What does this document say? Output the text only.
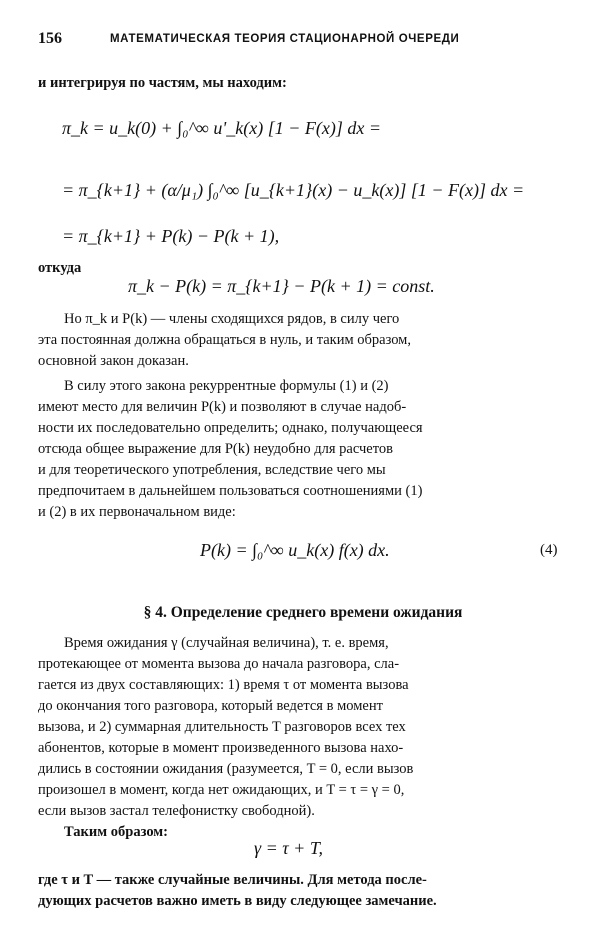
156	МАТЕМАТИЧЕСКАЯ ТЕОРИЯ СТАЦИОНАРНОЙ ОЧЕРЕДИ
и интегрируя по частям, мы находим:
π_k = u_k(0) + ∫₀^∞ u'_k(x) [1 − F(x)] dx =
= π_{k+1} + (α/μ₁) ∫₀^∞ [u_{k+1}(x) − u_k(x)] [1 − F(x)] dx =
= π_{k+1} + P(k) − P(k + 1),
откуда
π_k − P(k) = π_{k+1} − P(k + 1) = const.
Но π_k и P(k) — члены сходящихся рядов, в силу чего
эта постоянная должна обращаться в нуль, и таким образом,
основной закон доказан.
В силу этого закона рекуррентные формулы (1) и (2)
имеют место для величин P(k) и позволяют в случае надоб-
ности их последовательно определить; однако, получающееся
отсюда общее выражение для P(k) неудобно для расчетов
и для теоретического употребления, вследствие чего мы
предпочитаем в дальнейшем пользоваться соотношениями (1)
и (2) в их первоначальном виде:
P(k) = ∫₀^∞ u_k(x) f(x) dx.	(4)
§ 4. Определение среднего времени ожидания
Время ожидания γ (случайная величина), т. е. время,
протекающее от момента вызова до начала разговора, сла-
гается из двух составляющих: 1) время τ от момента вызова
до окончания того разговора, который ведется в момент
вызова, и 2) суммарная длительность T разговоров всех тех
абонентов, которые в момент произведенного вызова нахо-
дились в состоянии ожидания (разумеется, T = 0, если вызов
произошел в момент, когда нет ожидающих, и T = τ = γ = 0,
если вызов застал телефонистку свободной).
Таким образом:
γ = τ + T,
где τ и T — также случайные величины. Для метода после-
дующих расчетов важно иметь в виду следующее замечание.
